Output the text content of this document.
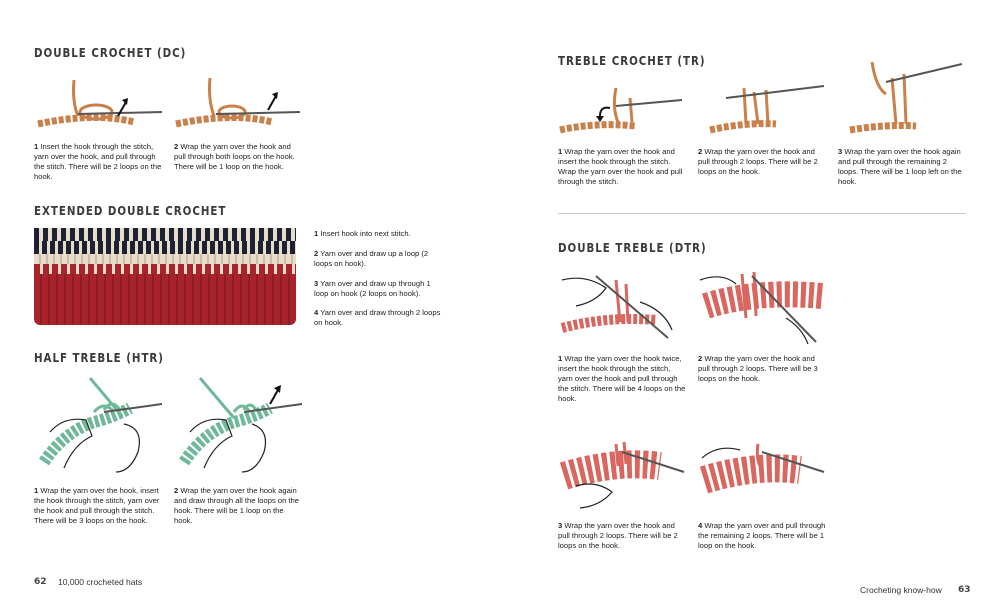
DOUBLE CROCHET (DC)
1 Insert the hook through the stitch, yarn over the hook, and pull through the stitch. There will be 2 loops on the hook.
2 Wrap the yarn over the hook and pull through both loops on the hook. There will be 1 loop on the hook.
EXTENDED DOUBLE CROCHET
1 Insert hook into next stitch.
2 Yarn over and draw up a loop (2 loops on hook).
3 Yarn over and draw up through 1 loop on hook (2 loops on hook).
4 Yarn over and draw through 2 loops on hook.
HALF TREBLE (HTR)
1 Wrap the yarn over the hook, insert the hook through the stitch, yarn over the hook and pull through the stitch. There will be 3 loops on the hook.
2 Wrap the yarn over the hook again and draw through all the loops on the hook. There will be 1 loop on the hook.
62 10,000 crocheted hats
TREBLE CROCHET (TR)
1 Wrap the yarn over the hook and insert the hook through the stitch. Wrap the yarn over the hook and pull through the stitch.
2 Wrap the yarn over the hook and pull through 2 loops. There will be 2 loops on the hook.
3 Wrap the yarn over the hook again and pull through the remaining 2 loops. There will be 1 loop left on the hook.
DOUBLE TREBLE (DTR)
1 Wrap the yarn over the hook twice, insert the hook through the stitch, yarn over the hook and pull through the stitch. There will be 4 loops on the hook.
2 Wrap the yarn over the hook and pull through 2 loops. There will be 3 loops on the hook.
3 Wrap the yarn over the hook and pull through 2 loops. There will be 2 loops on the hook.
4 Wrap the yarn over and pull through the remaining 2 loops. There will be 1 loop on the hook.
Crocheting know-how 63
